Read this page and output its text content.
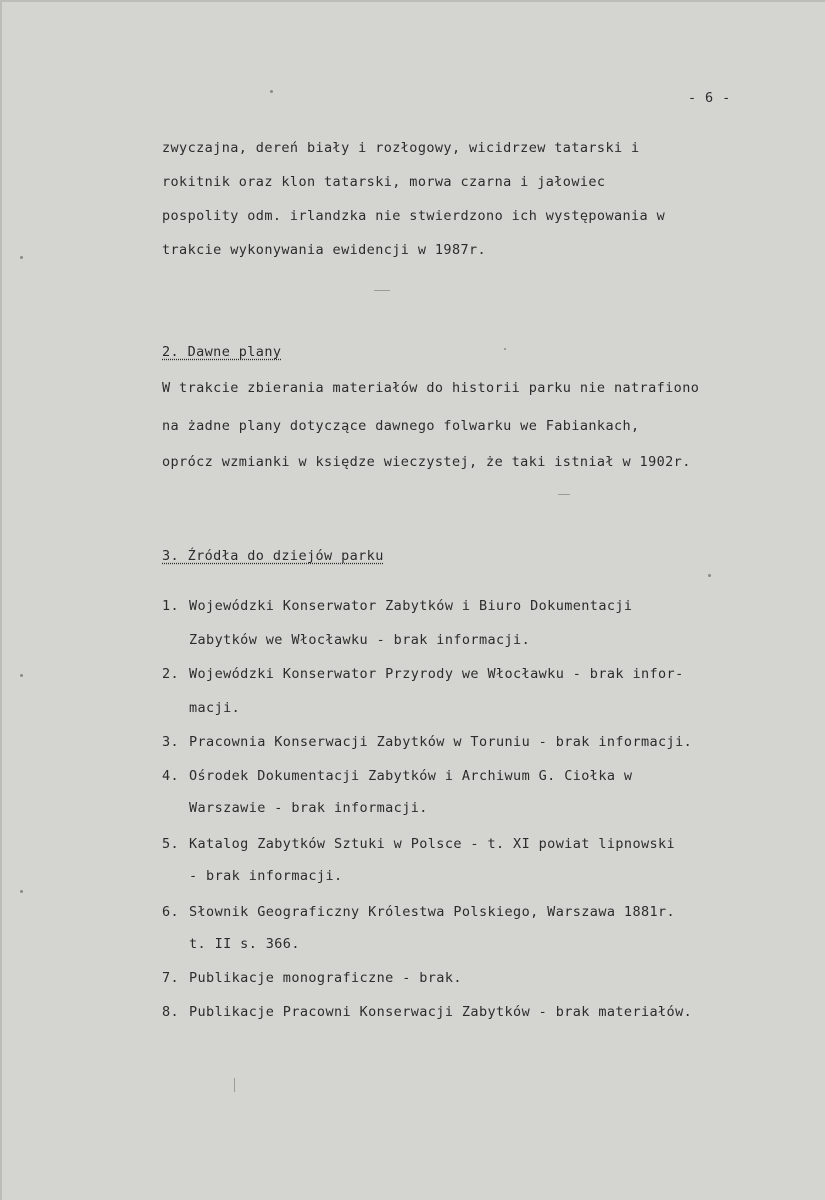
- 6 -
zwyczajna, dereń biały i rozłogowy, wicidrzew tatarski i
rokitnik oraz klon tatarski, morwa czarna i jałowiec
pospolity odm. irlandzka nie stwierdzono ich występowania w
trakcie wykonywania ewidencji w 1987r.
2. Dawne plany
W trakcie zbierania materiałów do historii parku nie natrafiono
na żadne plany dotyczące dawnego folwarku we Fabiankach,
oprócz wzmianki w księdze wieczystej, że taki istniał w 1902r.
3. Źródła do dziejów parku
1. Wojewódzki Konserwator Zabytków i Biuro Dokumentacji
Zabytków we Włocławku - brak informacji.
2. Wojewódzki Konserwator Przyrody we Włocławku - brak infor-
macji.
3. Pracownia Konserwacji Zabytków w Toruniu - brak informacji.
4. Ośrodek Dokumentacji Zabytków i Archiwum G. Ciołka w
Warszawie - brak informacji.
5. Katalog Zabytków Sztuki w Polsce - t. XI powiat lipnowski
- brak informacji.
6. Słownik Geograficzny Królestwa Polskiego, Warszawa 1881r.
t. II s. 366.
7. Publikacje monograficzne - brak.
8. Publikacje Pracowni Konserwacji Zabytków - brak materiałów.
